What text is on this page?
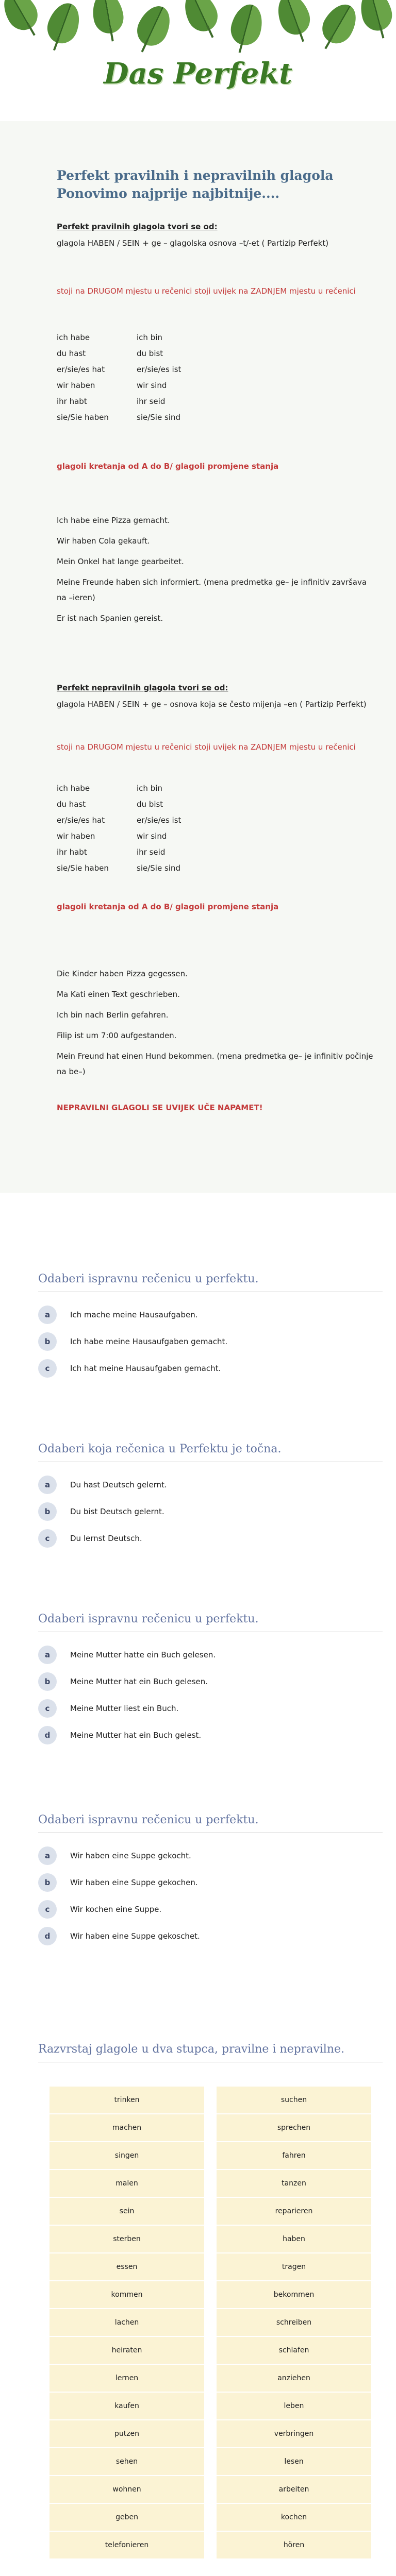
Das Perfekt
Perfekt pravilnih i nepravilnih glagola
Ponovimo najprije najbitnije....
Perfekt pravilnih glagola tvori se od:
glagola HABEN / SEIN + ge – glagolska osnova –t/-et ( Partizip Perfekt)
stoji na DRUGOM mjestu u rečenici stoji uvijek na ZADNJEM mjestu u rečenici
ich habe	ich bin
du hast	du bist
er/sie/es hat	er/sie/es ist
wir haben	wir sind
ihr habt	ihr seid
sie/Sie haben	sie/Sie sind
glagoli kretanja od A do B/ glagoli promjene stanja
Ich habe eine Pizza gemacht.
Wir haben Cola gekauft.
Mein Onkel hat lange gearbeitet.
Meine Freunde haben sich informiert. (mena predmetka ge– je infinitiv završava na –ieren)
Er ist nach Spanien gereist.
Perfekt nepravilnih glagola tvori se od:
glagola HABEN / SEIN + ge – osnova koja se često mijenja –en ( Partizip Perfekt)
stoji na DRUGOM mjestu u rečenici stoji uvijek na ZADNJEM mjestu u rečenici
ich habe	ich bin
du hast	du bist
er/sie/es hat	er/sie/es ist
wir haben	wir sind
ihr habt	ihr seid
sie/Sie haben	sie/Sie sind
glagoli kretanja od A do B/ glagoli promjene stanja
Die Kinder haben Pizza gegessen.
Ma Kati einen Text geschrieben.
Ich bin nach Berlin gefahren.
Filip ist um 7:00 aufgestanden.
Mein Freund hat einen Hund bekommen. (mena predmetka ge– je infinitiv počinje na be–)
NEPRAVILNI GLAGOLI SE UVIJEK UČE NAPAMET!
Odaberi ispravnu rečenicu u perfektu.
a	Ich mache meine Hausaufgaben.
b	Ich habe meine Hausaufgaben gemacht.
c	Ich hat meine Hausaufgaben gemacht.
Odaberi koja rečenica u Perfektu je točna.
a	Du hast Deutsch gelernt.
b	Du bist Deutsch gelernt.
c	Du lernst Deutsch.
Odaberi ispravnu rečenicu u perfektu.
a	Meine Mutter hatte ein Buch gelesen.
b	Meine Mutter hat ein Buch gelesen.
c	Meine Mutter liest ein Buch.
d	Meine Mutter hat ein Buch gelest.
Odaberi ispravnu rečenicu u perfektu.
a	Wir haben eine Suppe gekocht.
b	Wir haben eine Suppe gekochen.
c	Wir kochen eine Suppe.
d	Wir haben eine Suppe gekoschet.
Razvrstaj glagole u dva stupca, pravilne i nepravilne.
trinken	suchen
machen	sprechen
singen	fahren
malen	tanzen
sein	reparieren
sterben	haben
essen	tragen
kommen	bekommen
lachen	schreiben
heiraten	schlafen
lernen	anziehen
kaufen	leben
putzen	verbringen
sehen	lesen
wohnen	arbeiten
geben	kochen
telefonieren	hören
